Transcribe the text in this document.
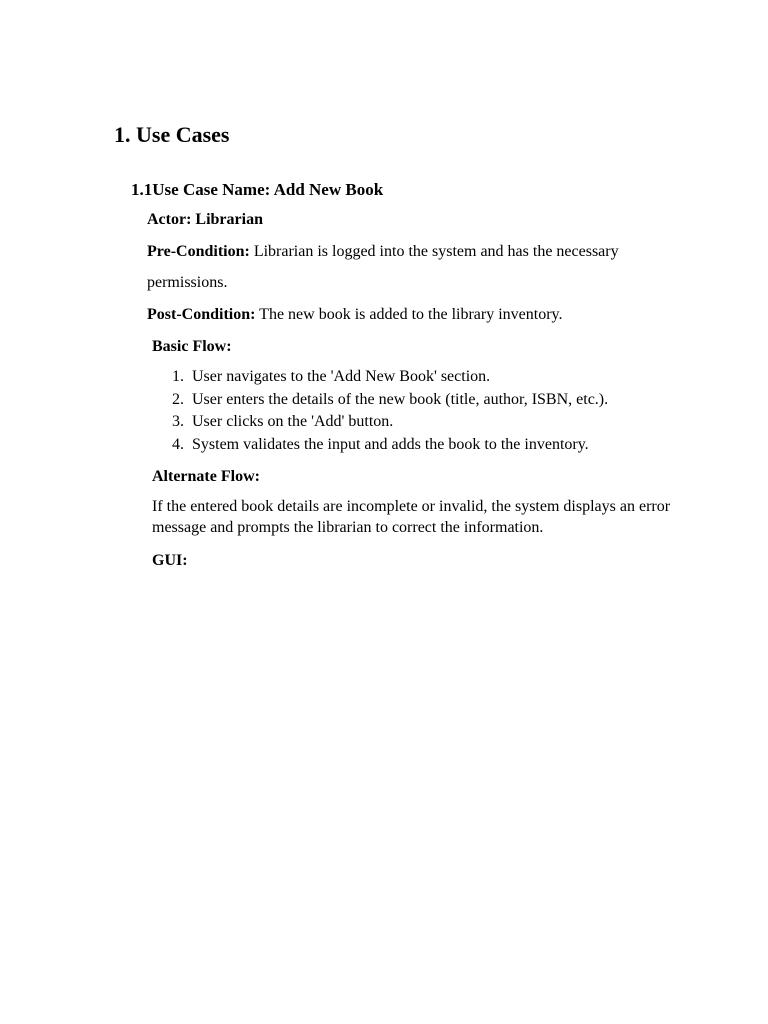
1. Use Cases
1.1Use Case Name: Add New Book
Actor: Librarian
Pre-Condition: Librarian is logged into the system and has the necessary
permissions.
Post-Condition: The new book is added to the library inventory.
Basic Flow:
1. User navigates to the 'Add New Book' section.
2. User enters the details of the new book (title, author, ISBN, etc.).
3. User clicks on the 'Add' button.
4. System validates the input and adds the book to the inventory.
Alternate Flow:
If the entered book details are incomplete or invalid, the system displays an error message and prompts the librarian to correct the information.
GUI:
